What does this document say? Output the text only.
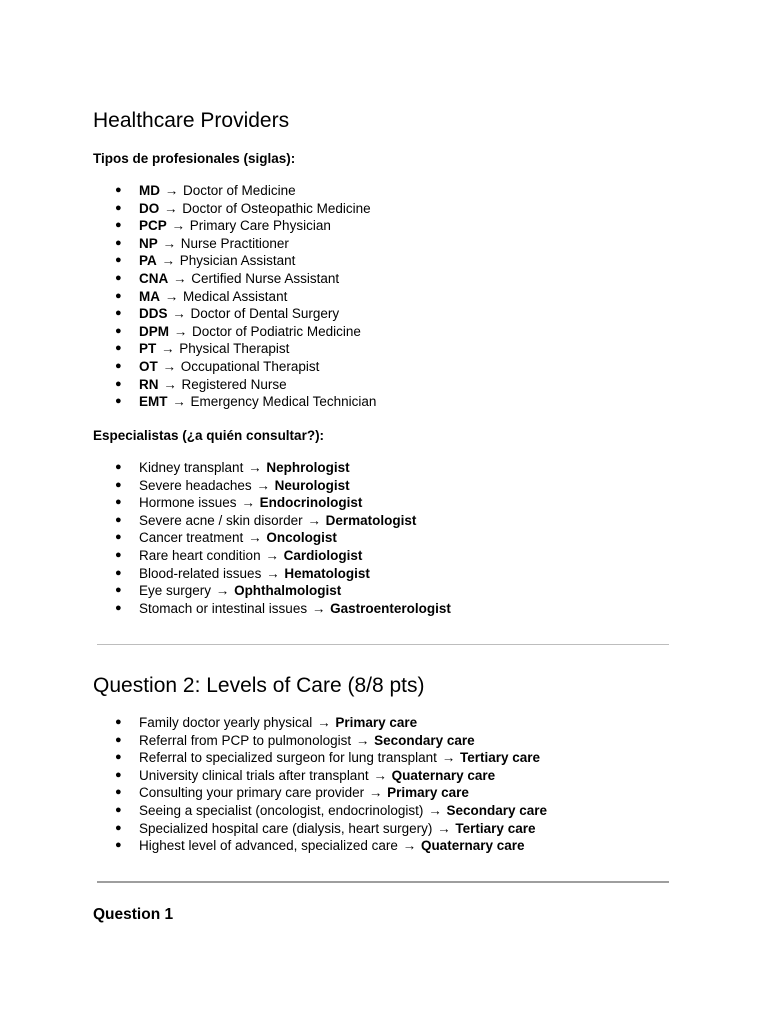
Healthcare Providers
Tipos de profesionales (siglas):
● MD → Doctor of Medicine
● DO → Doctor of Osteopathic Medicine
● PCP → Primary Care Physician
● NP → Nurse Practitioner
● PA → Physician Assistant
● CNA → Certified Nurse Assistant
● MA → Medical Assistant
● DDS → Doctor of Dental Surgery
● DPM → Doctor of Podiatric Medicine
● PT → Physical Therapist
● OT → Occupational Therapist
● RN → Registered Nurse
● EMT → Emergency Medical Technician
Especialistas (¿a quién consultar?):
● Kidney transplant → Nephrologist
● Severe headaches → Neurologist
● Hormone issues → Endocrinologist
● Severe acne / skin disorder → Dermatologist
● Cancer treatment → Oncologist
● Rare heart condition → Cardiologist
● Blood-related issues → Hematologist
● Eye surgery → Ophthalmologist
● Stomach or intestinal issues → Gastroenterologist
Question 2: Levels of Care (8/8 pts)
● Family doctor yearly physical → Primary care
● Referral from PCP to pulmonologist → Secondary care
● Referral to specialized surgeon for lung transplant → Tertiary care
● University clinical trials after transplant → Quaternary care
● Consulting your primary care provider → Primary care
● Seeing a specialist (oncologist, endocrinologist) → Secondary care
● Specialized hospital care (dialysis, heart surgery) → Tertiary care
● Highest level of advanced, specialized care → Quaternary care
Question 1
